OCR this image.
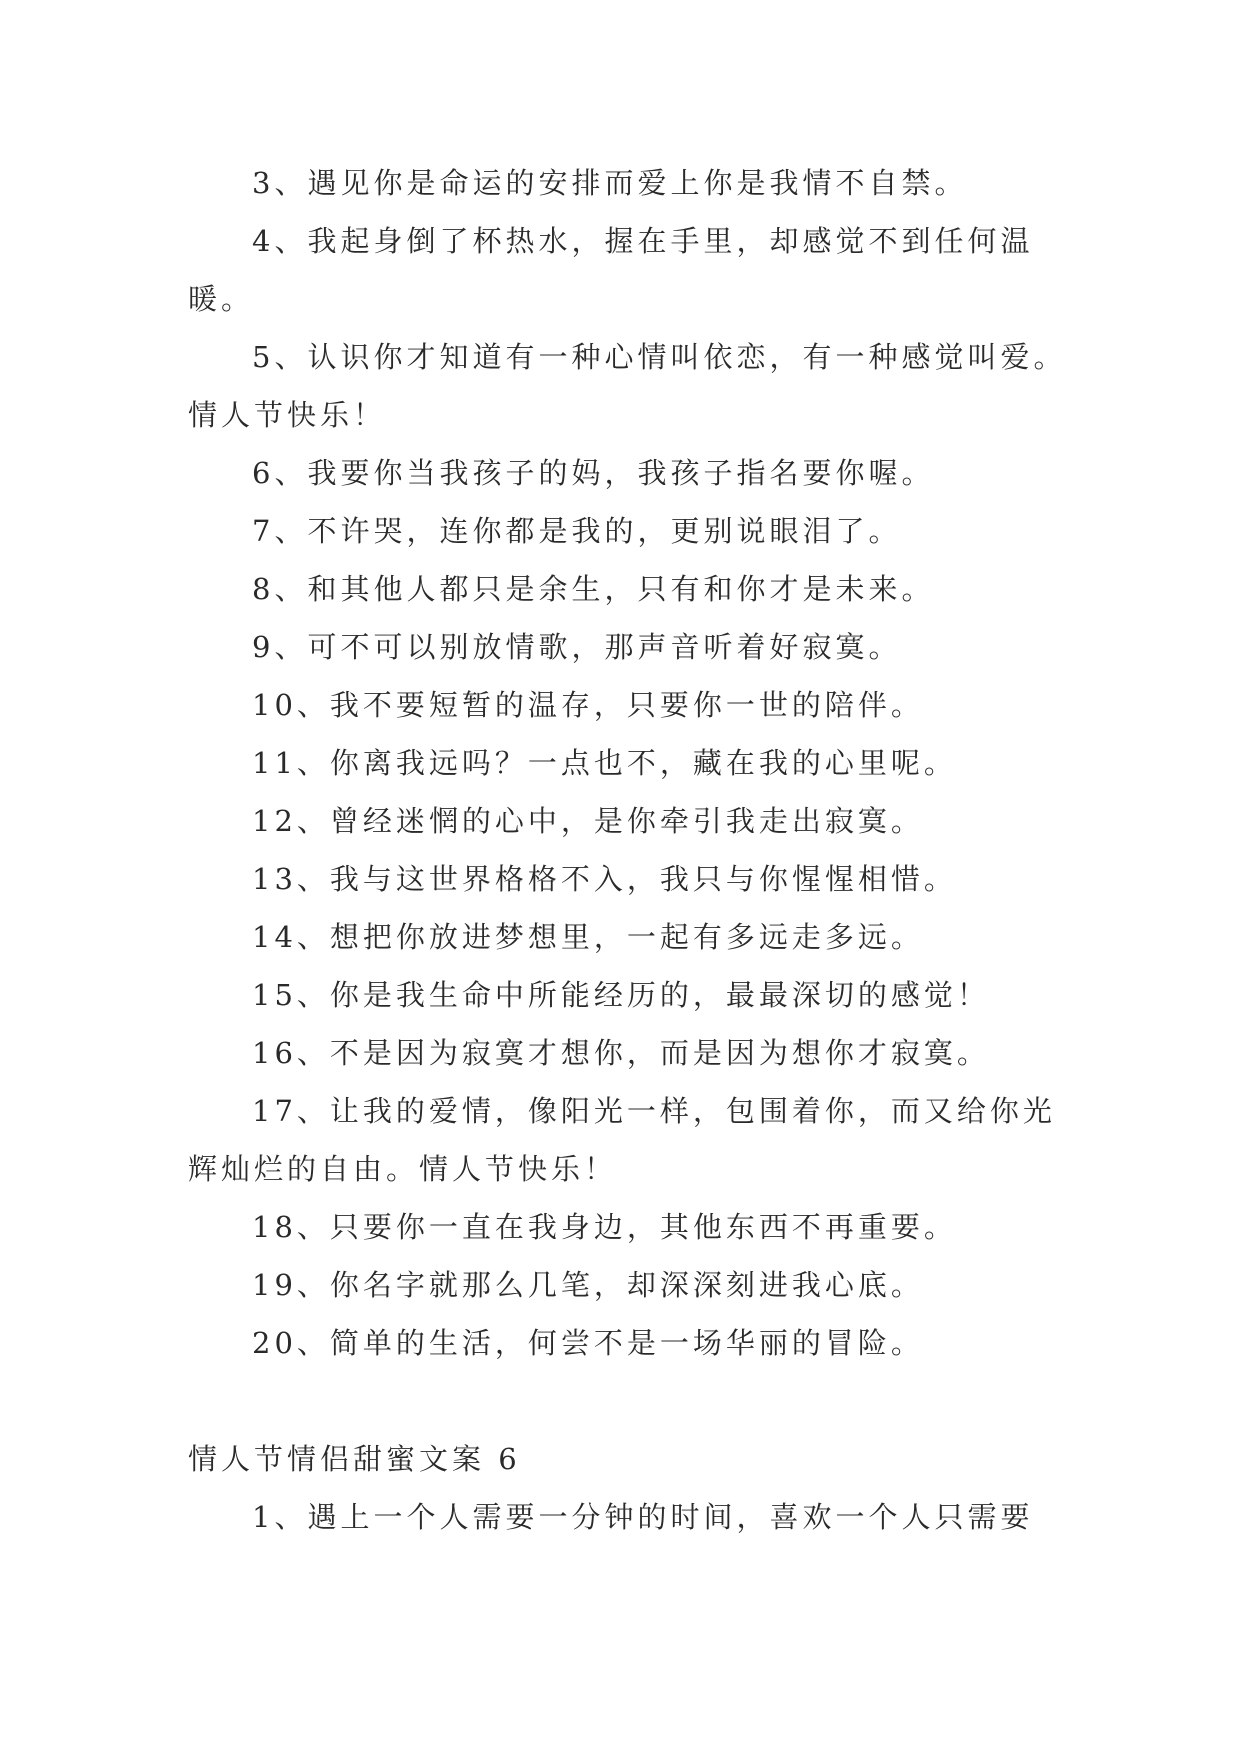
3、遇见你是命运的安排而爱上你是我情不自禁。

4、我起身倒了杯热水，握在手里，却感觉不到任何温暖。

5、认识你才知道有一种心情叫依恋，有一种感觉叫爱。情人节快乐！

6、我要你当我孩子的妈，我孩子指名要你喔。

7、不许哭，连你都是我的，更别说眼泪了。

8、和其他人都只是余生，只有和你才是未来。

9、可不可以别放情歌，那声音听着好寂寞。

10、我不要短暂的温存，只要你一世的陪伴。

11、你离我远吗？一点也不，藏在我的心里呢。

12、曾经迷惘的心中，是你牵引我走出寂寞。

13、我与这世界格格不入，我只与你惺惺相惜。

14、想把你放进梦想里，一起有多远走多远。

15、你是我生命中所能经历的，最最深切的感觉！

16、不是因为寂寞才想你，而是因为想你才寂寞。

17、让我的爱情，像阳光一样，包围着你，而又给你光辉灿烂的自由。情人节快乐！

18、只要你一直在我身边，其他东西不再重要。

19、你名字就那么几笔，却深深刻进我心底。

20、简单的生活，何尝不是一场华丽的冒险。

情人节情侣甜蜜文案 6

1、遇上一个人需要一分钟的时间，喜欢一个人只需要
